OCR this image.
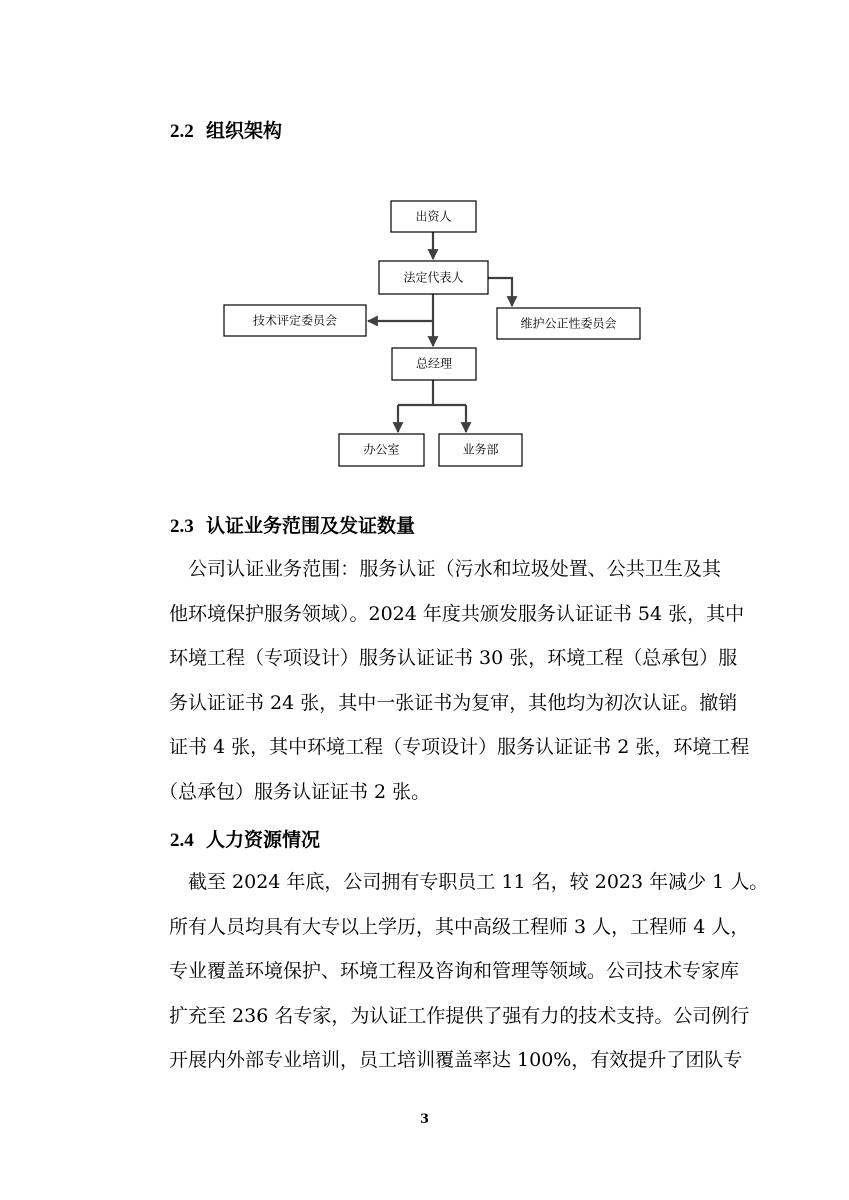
2.2 组织架构
出资人
法定代表人
技术评定委员会	维护公正性委员会
总经理
办公室	业务部
2.3 认证业务范围及发证数量
公司认证业务范围：服务认证（污水和垃圾处置、公共卫生及其
他环境保护服务领域）。2024 年度共颁发服务认证证书 54 张，其中
环境工程（专项设计）服务认证证书 30 张，环境工程（总承包）服
务认证证书 24 张，其中一张证书为复审，其他均为初次认证。撤销
证书 4 张，其中环境工程（专项设计）服务认证证书 2 张，环境工程
（总承包）服务认证证书 2 张。
2.4 人力资源情况
截至 2024 年底，公司拥有专职员工 11 名，较 2023 年减少 1 人。
所有人员均具有大专以上学历，其中高级工程师 3 人，工程师 4 人，
专业覆盖环境保护、环境工程及咨询和管理等领域。公司技术专家库
扩充至 236 名专家，为认证工作提供了强有力的技术支持。公司例行
开展内外部专业培训，员工培训覆盖率达 100%，有效提升了团队专
3
